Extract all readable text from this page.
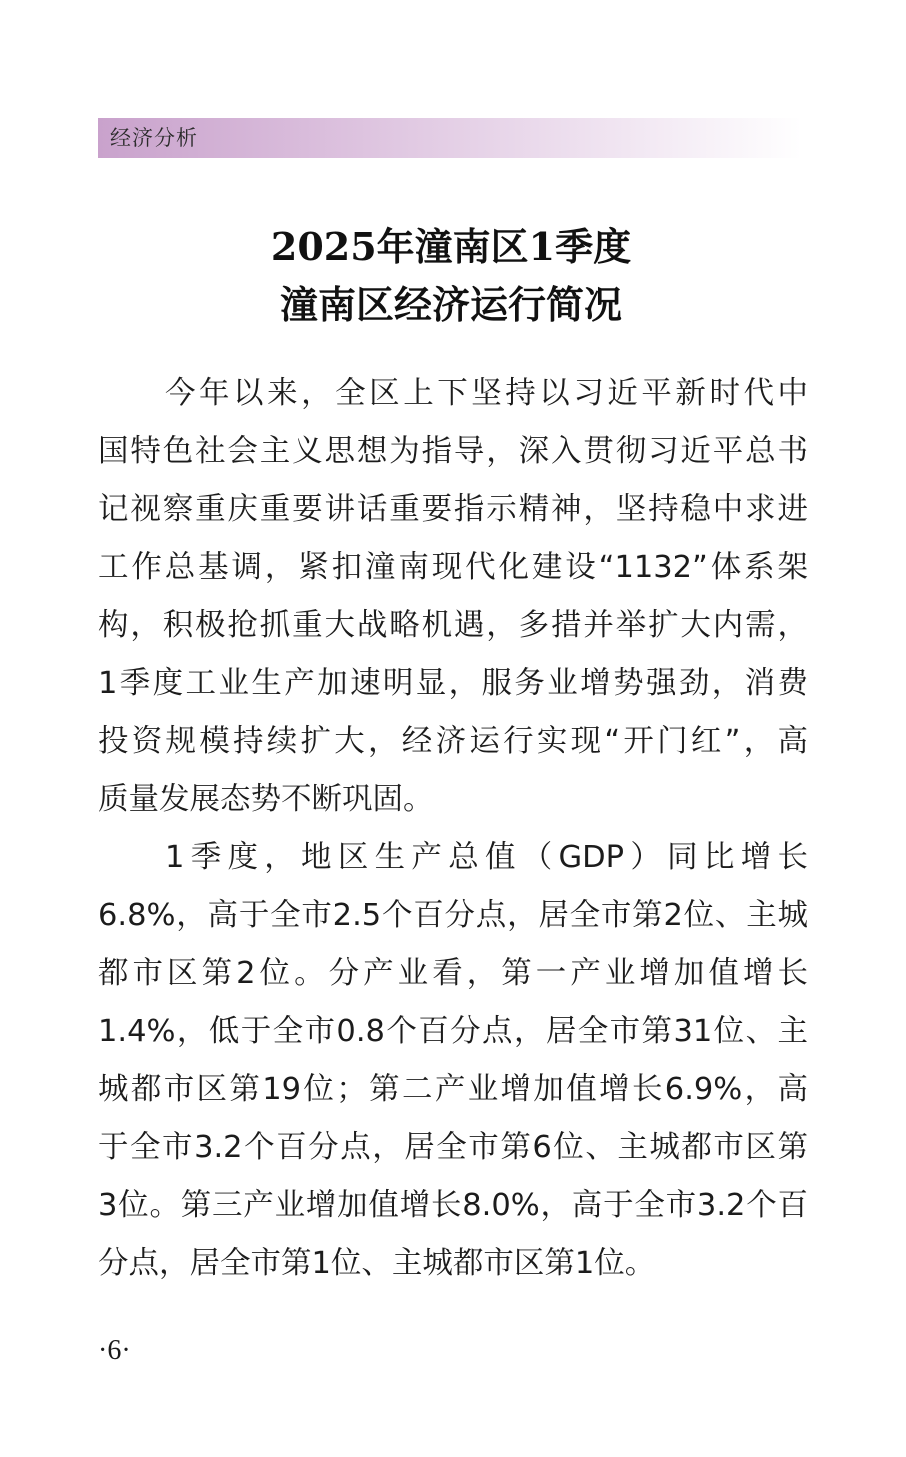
经济分析
2025年潼南区1季度
潼南区经济运行简况
今年以来，全区上下坚持以习近平新时代中
国特色社会主义思想为指导，深入贯彻习近平总书
记视察重庆重要讲话重要指示精神，坚持稳中求进
工作总基调，紧扣潼南现代化建设“1132”体系架
构，积极抢抓重大战略机遇，多措并举扩大内需，
1季度工业生产加速明显，服务业增势强劲，消费
投资规模持续扩大，经济运行实现“开门红”，高
质量发展态势不断巩固。
1季度，地区生产总值（GDP）同比增长
6.8%，高于全市2.5个百分点，居全市第2位、主城
都市区第2位。分产业看，第一产业增加值增长
1.4%，低于全市0.8个百分点，居全市第31位、主
城都市区第19位；第二产业增加值增长6.9%，高
于全市3.2个百分点，居全市第6位、主城都市区第
3位。第三产业增加值增长8.0%，高于全市3.2个百
分点，居全市第1位、主城都市区第1位。
·6·
